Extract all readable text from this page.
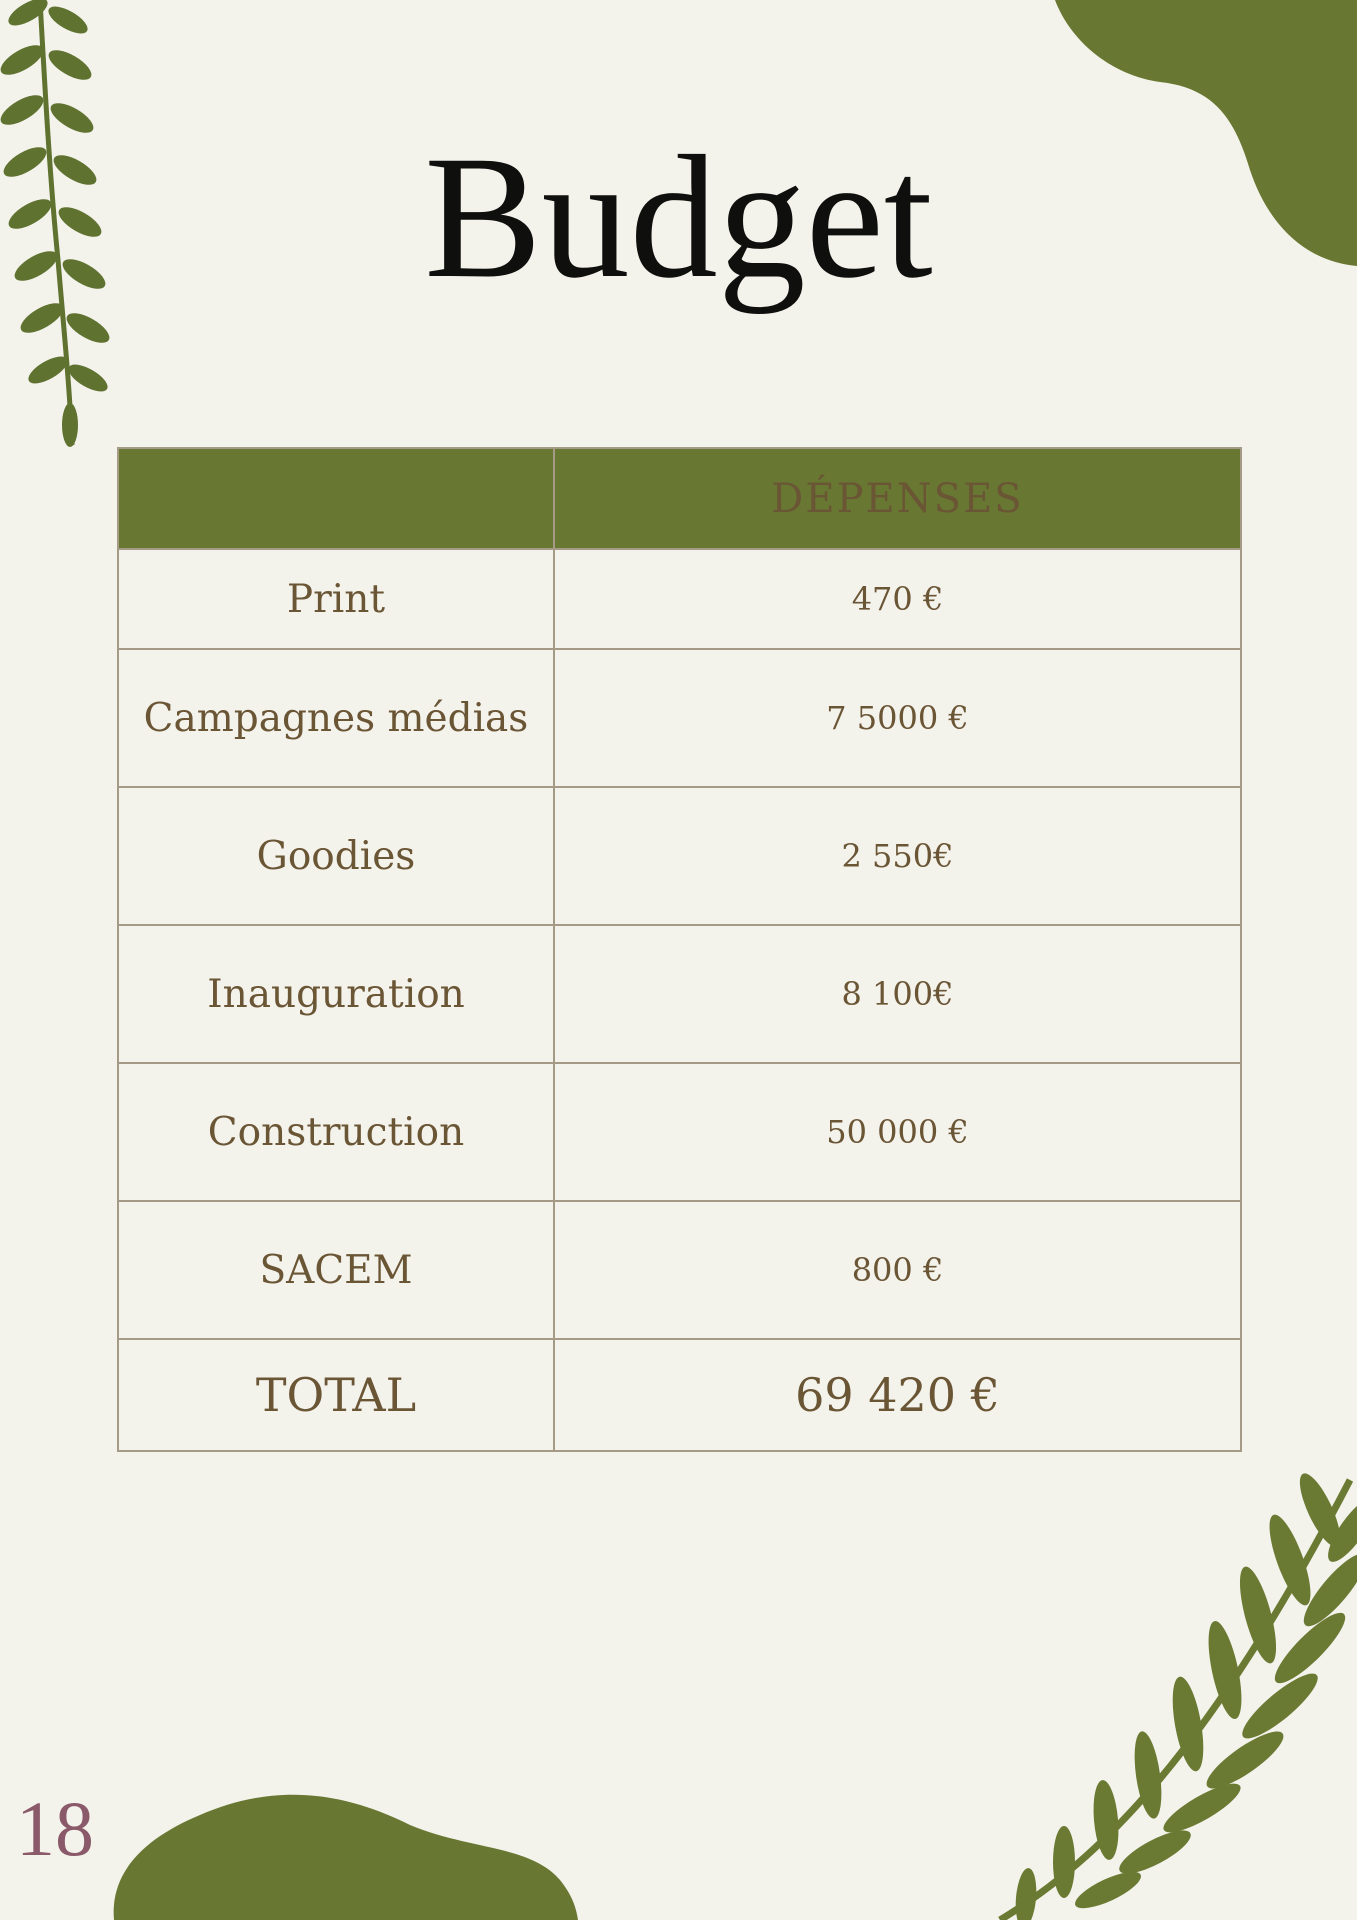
Budget
	DÉPENSES
Print	470 €
Campagnes médias	7 5000 €
Goodies	2 550€
Inauguration	8 100€
Construction	50 000 €
SACEM	800 €
TOTAL	69 420 €
18
